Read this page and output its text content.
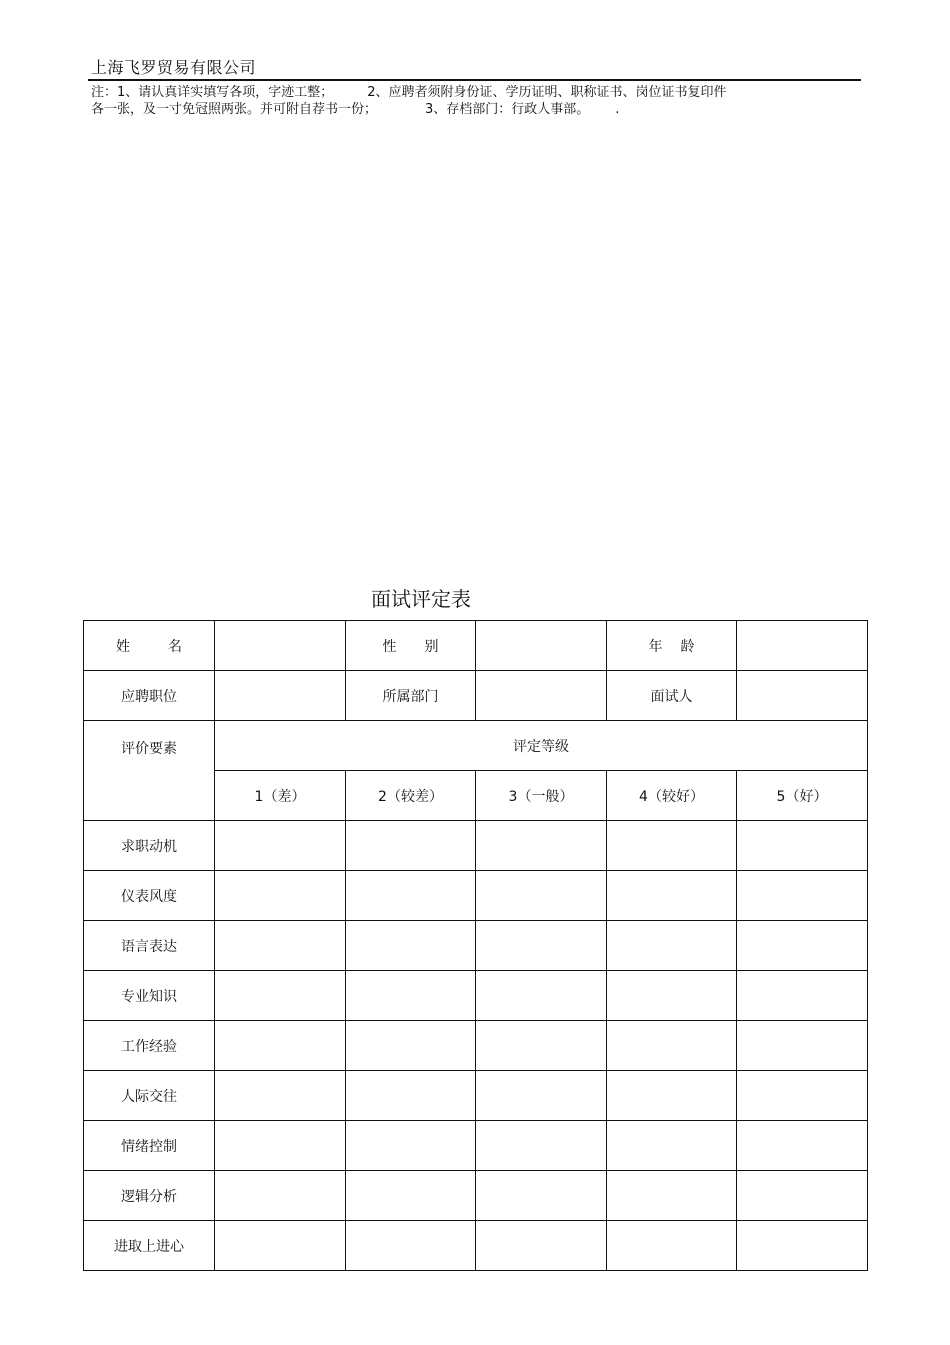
上海飞罗贸易有限公司
注：1、请认真详实填写各项，字迹工整；	2、应聘者须附身份证、学历证明、职称证书、岗位证书复印件
各一张，及一寸免冠照两张。并可附自荐书一份；	3、存档部门：行政人事部。 .
面试评定表
姓 名		性 别		年 龄	
应聘职位		所属部门		面试人	
评价要素	评定等级				
	1（差）	2（较差）	3（一般）	4（较好）	5（好）
求职动机					
仪表风度					
语言表达					
专业知识					
工作经验					
人际交往					
情绪控制					
逻辑分析					
进取上进心					
